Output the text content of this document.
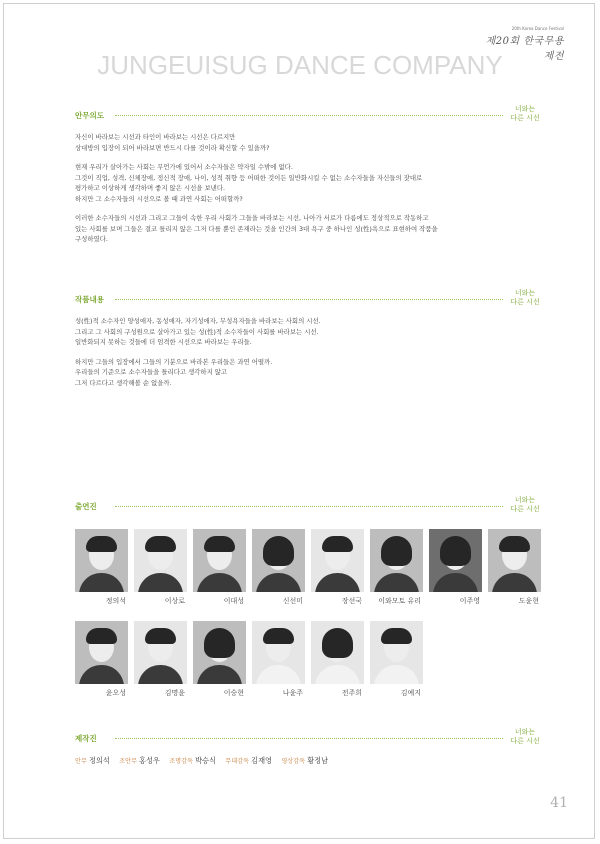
20th Korea Dance Festival
제20회 한국무용제전
JUNGEUISUG DANCE COMPANY
안무의도
너와는
다른 시선

자신이 바라보는 시선과 타인이 바라보는 시선은 다르지만
상대방의 입장이 되어 바라보면 반드시 다를 것이라 확신할 수 있을까?

현재 우리가 살아가는 사회는 무언가에 있어서 소수자들은 약자일 수밖에 없다.
그것이 직업, 성격, 신체장애, 정신적 장애, 나이, 성적 취향 등 어떠한 것이든 일반화시킬 수 없는 소수자들을 자신들의 잣대로
평가하고 이상하게 생각하며 좋지 않은 시선을 보낸다.
하지만 그 소수자들의 시선으로 볼 때 과연 사회는 어떠할까?

이러한 소수자들의 시선과 그리고 그들이 속한 우리 사회가 그들을 바라보는 시선, 나아가 서로가 다름에도 정상적으로 작동하고
있는 사회를 보며 그들은 결코 틀리지 않은 그저 다를 뿐인 존재라는 것을 인간의 3대 욕구 중 하나인 성(性)욕으로 표현하여 작품을
구성하였다.

작품내용
너와는
다른 시선

성(性)적 소수자인 양성애자, 동성애자, 자기성애자, 무성욕자들을 바라보는 사회의 시선.
그리고 그 사회의 구성원으로 살아가고 있는 성(性)적 소수자들이 사회를 바라보는 시선.
일반화되지 못하는 것들에 더 엄격한 시선으로 바라보는 우리들.

하지만 그들의 입장에서 그들의 기분으로 바라본 우리들은 과연 어떨까.
우리들의 기준으로 소수자들을 틀리다고 생각하지 않고
그저 다르다고 생각해볼 순 없을까.

출연진
너와는
다른 시선
정의석	이상로	이대성	신선미	장선국	이와모토 유리	이주영	도윤현
윤오성	김명윤	이승현	나윤주	전주희	김예지
제작진
너와는
다른 시선
안무 정의석 조안무 홍성우 조명감독 박승식 무대감독 김재영 영상감독 황정남
41
